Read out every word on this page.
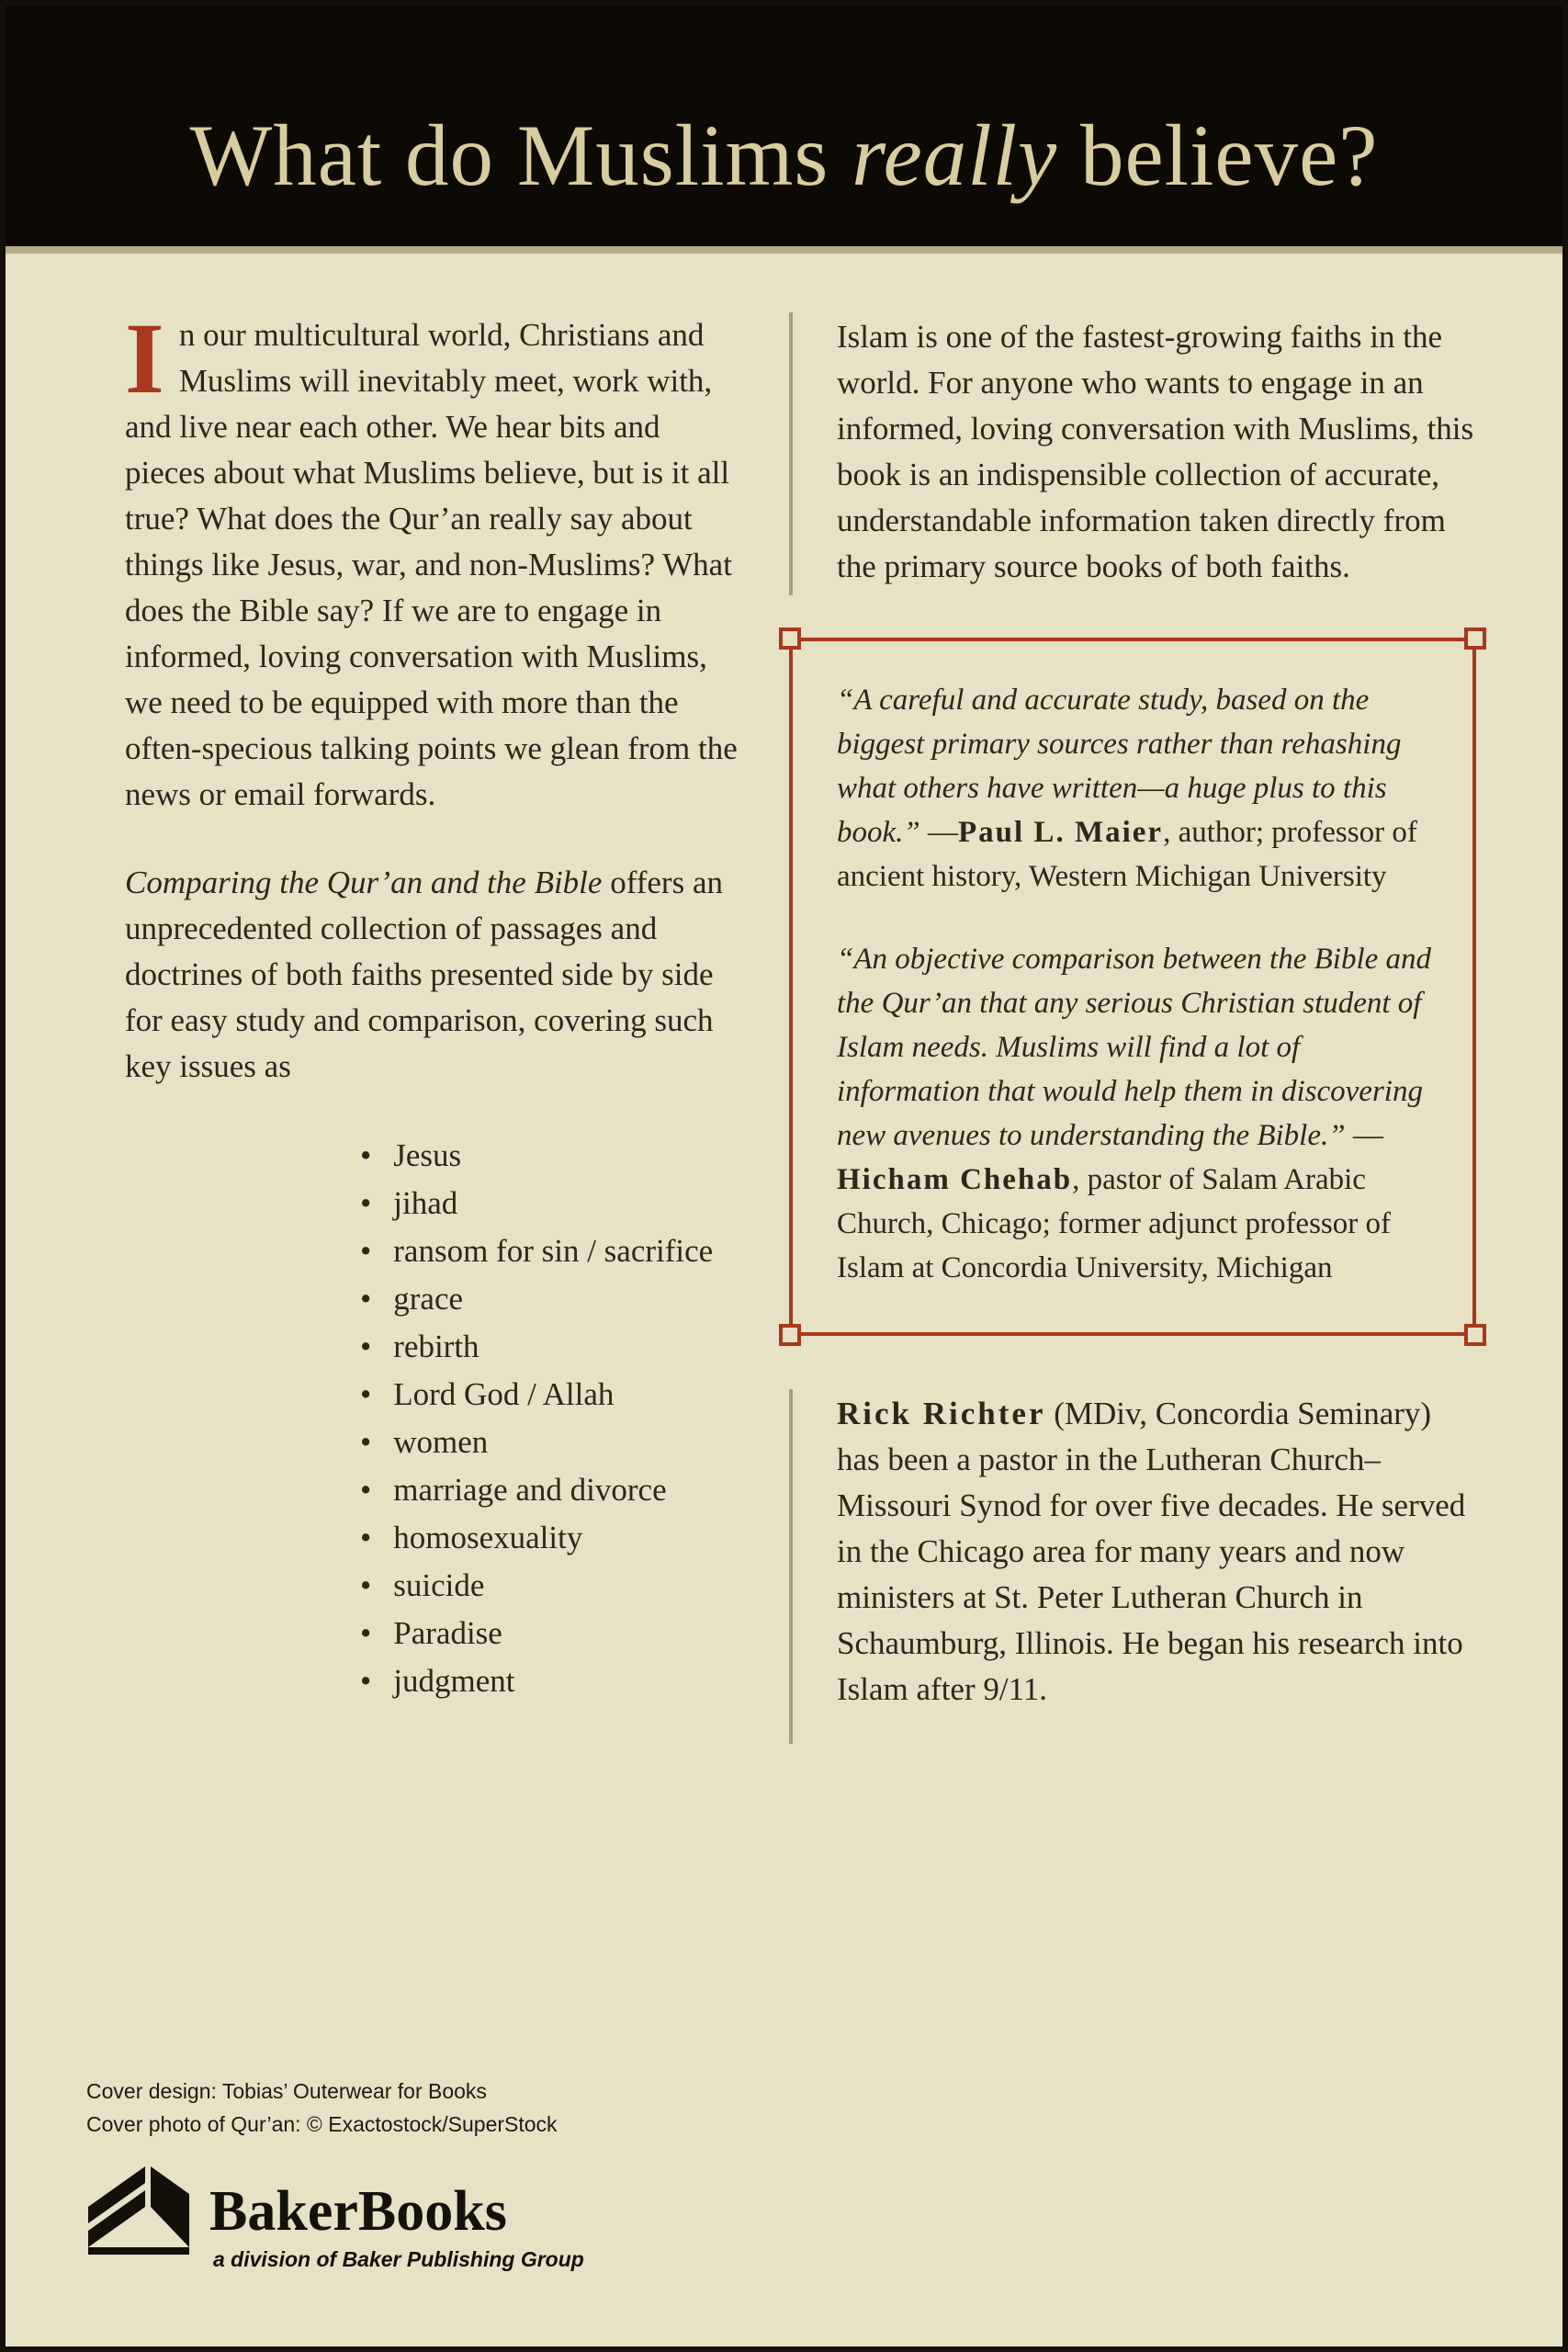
What do Muslims really believe?

In our multicultural world, Christians and Muslims will inevitably meet, work with, and live near each other. We hear bits and pieces about what Muslims believe, but is it all true? What does the Qur’an really say about things like Jesus, war, and non-Muslims? What does the Bible say? If we are to engage in informed, loving conversation with Muslims, we need to be equipped with more than the often-specious talking points we glean from the news or email forwards.

Comparing the Qur’an and the Bible offers an unprecedented collection of passages and doctrines of both faiths presented side by side for easy study and comparison, covering such key issues as

• Jesus
• jihad
• ransom for sin / sacrifice
• grace
• rebirth
• Lord God / Allah
• women
• marriage and divorce
• homosexuality
• suicide
• Paradise
• judgment

Islam is one of the fastest-growing faiths in the world. For anyone who wants to engage in an informed, loving conversation with Muslims, this book is an indispensible collection of accurate, understandable information taken directly from the primary source books of both faiths.

“A careful and accurate study, based on the biggest primary sources rather than rehashing what others have written—a huge plus to this book.” —Paul L. Maier, author; professor of ancient history, Western Michigan University

“An objective comparison between the Bible and the Qur’an that any serious Christian student of Islam needs. Muslims will find a lot of information that would help them in discovering new avenues to understanding the Bible.” —Hicham Chehab, pastor of Salam Arabic Church, Chicago; former adjunct professor of Islam at Concordia University, Michigan

Rick Richter (MDiv, Concordia Seminary) has been a pastor in the Lutheran Church–Missouri Synod for over five decades. He served in the Chicago area for many years and now ministers at St. Peter Lutheran Church in Schaumburg, Illinois. He began his research into Islam after 9/11.

Cover design: Tobias’ Outerwear for Books

Cover photo of Qur’an: © Exactostock/SuperStock

BakerBooks
a division of Baker Publishing Group
